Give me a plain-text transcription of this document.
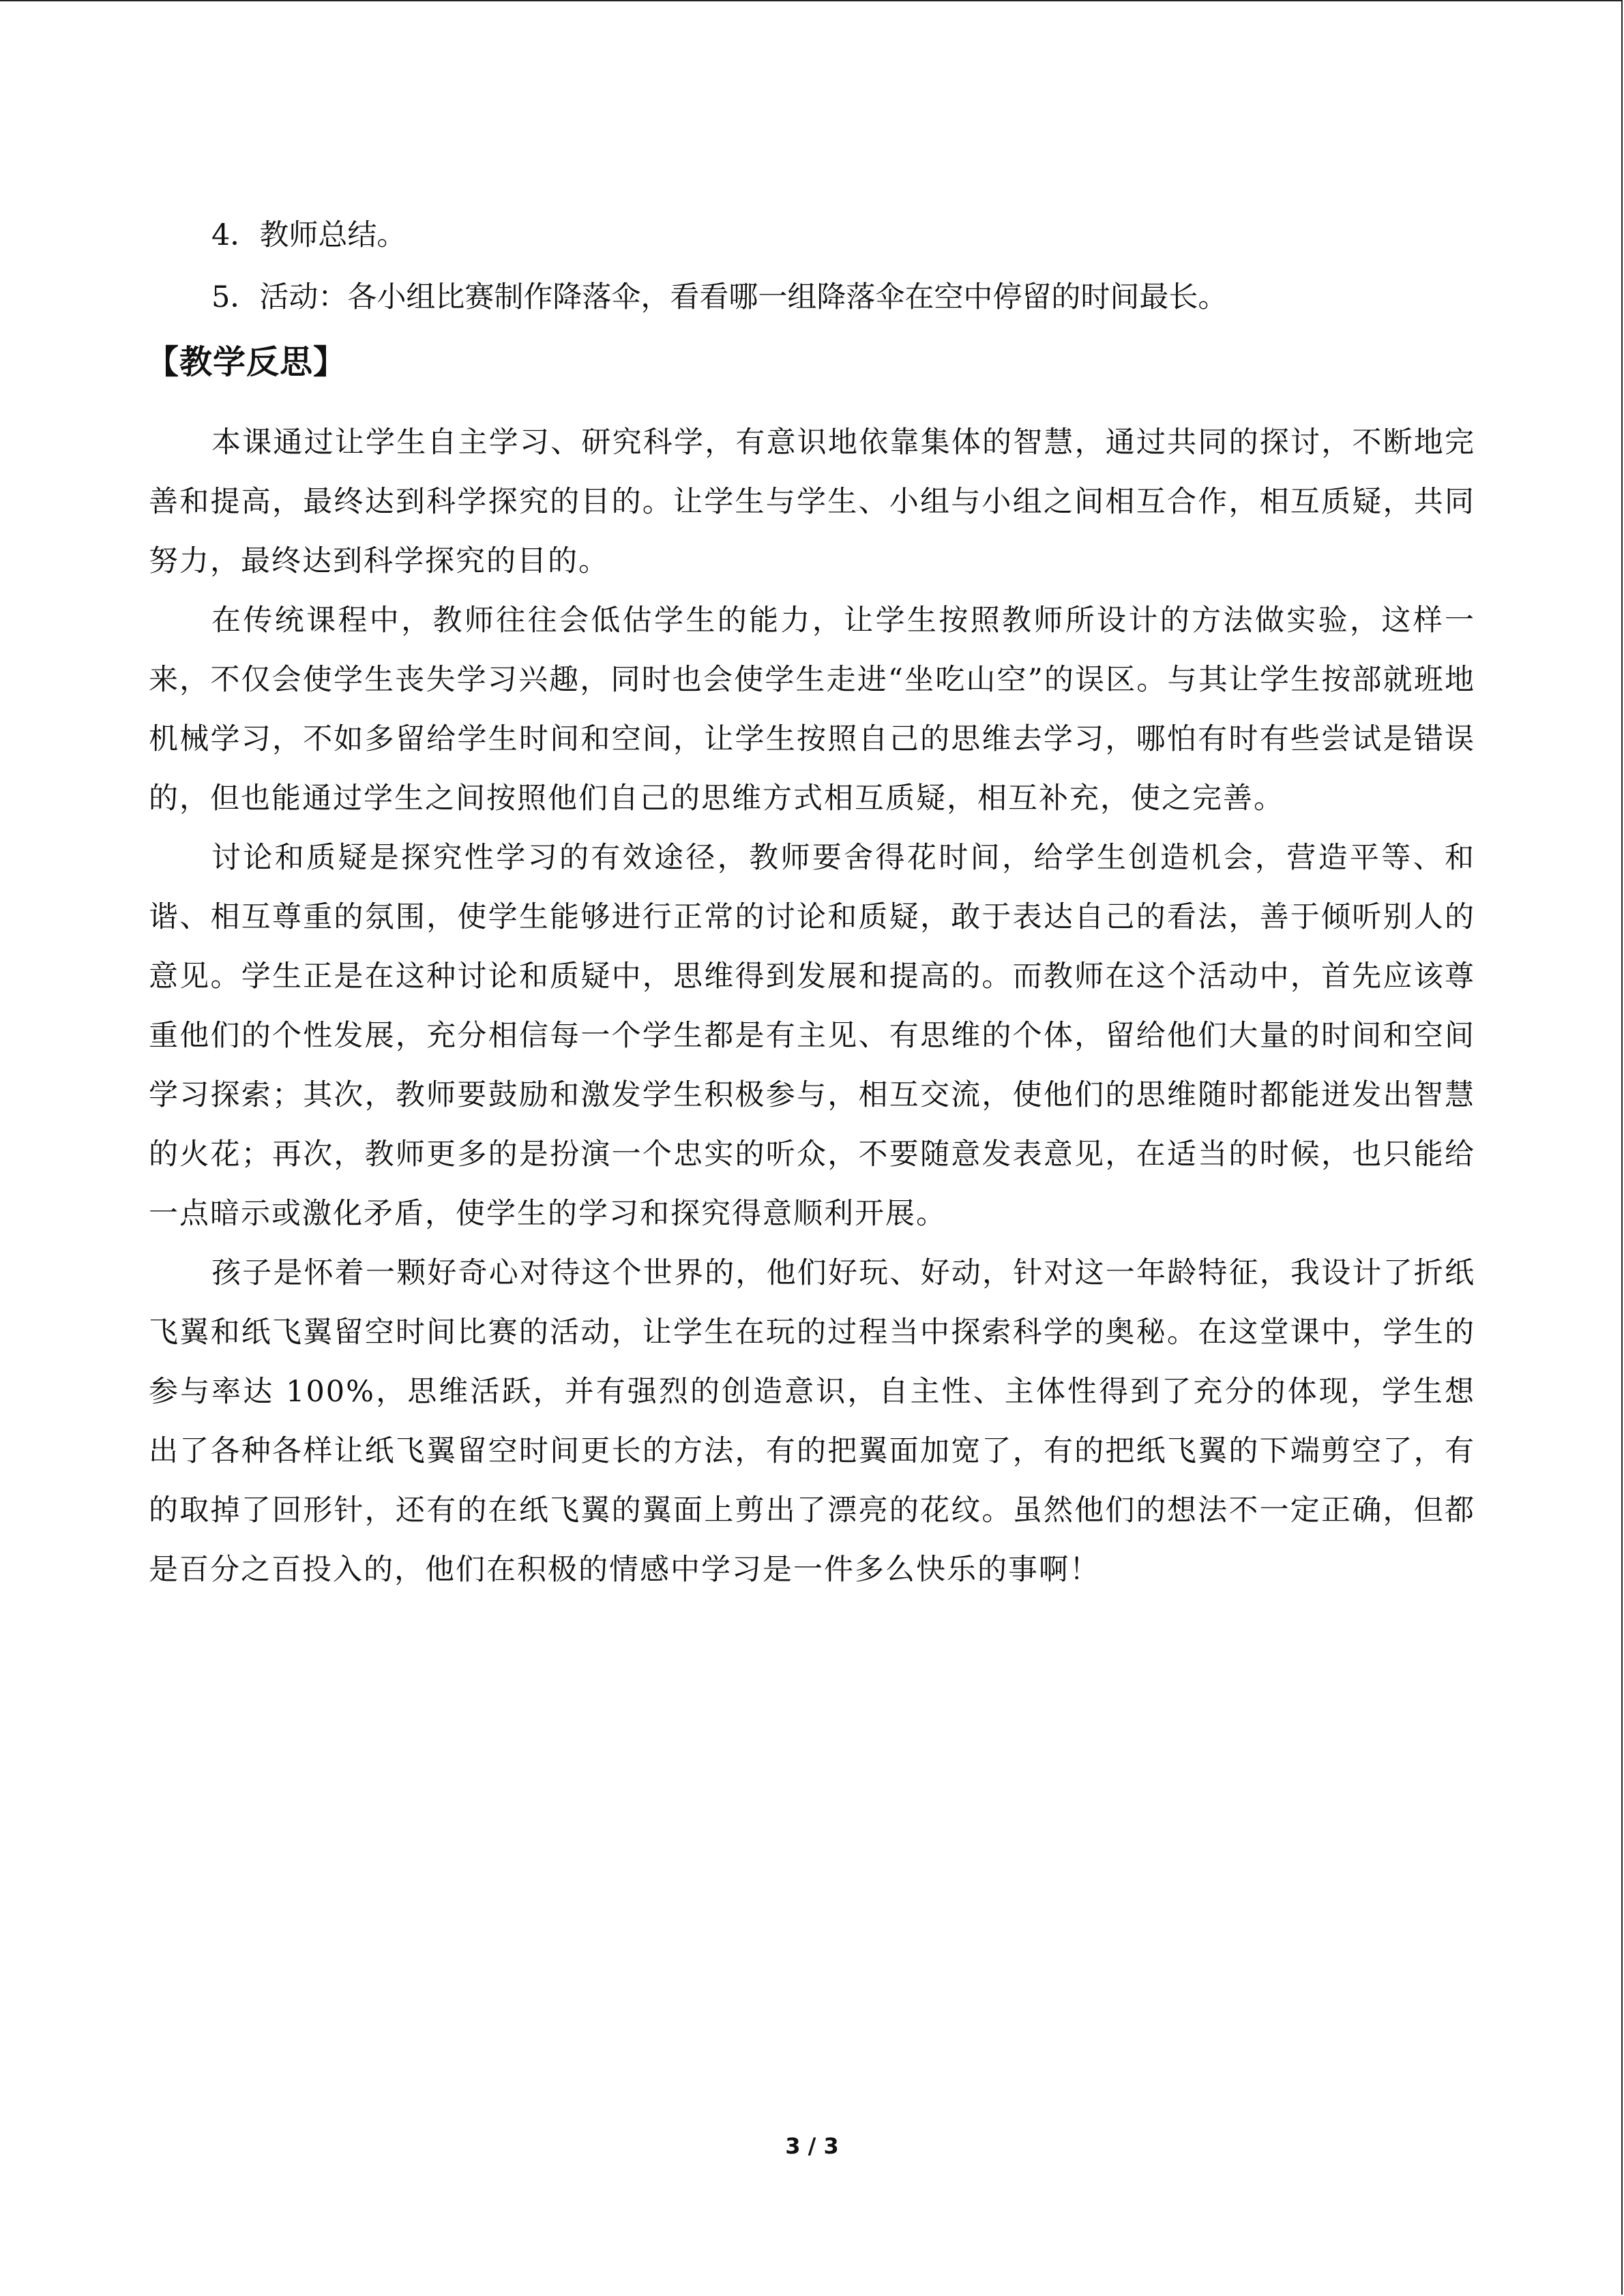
4．教师总结。

5．活动：各小组比赛制作降落伞，看看哪一组降落伞在空中停留的时间最长。

【教学反思】

本课通过让学生自主学习、研究科学，有意识地依靠集体的智慧，通过共同的探讨，不断地完善和提高，最终达到科学探究的目的。让学生与学生、小组与小组之间相互合作，相互质疑，共同努力，最终达到科学探究的目的。

在传统课程中，教师往往会低估学生的能力，让学生按照教师所设计的方法做实验，这样一来，不仅会使学生丧失学习兴趣，同时也会使学生走进“坐吃山空”的误区。与其让学生按部就班地机械学习，不如多留给学生时间和空间，让学生按照自己的思维去学习，哪怕有时有些尝试是错误的，但也能通过学生之间按照他们自己的思维方式相互质疑，相互补充，使之完善。

讨论和质疑是探究性学习的有效途径，教师要舍得花时间，给学生创造机会，营造平等、和谐、相互尊重的氛围，使学生能够进行正常的讨论和质疑，敢于表达自己的看法，善于倾听别人的意见。学生正是在这种讨论和质疑中，思维得到发展和提高的。而教师在这个活动中，首先应该尊重他们的个性发展，充分相信每一个学生都是有主见、有思维的个体，留给他们大量的时间和空间学习探索；其次，教师要鼓励和激发学生积极参与，相互交流，使他们的思维随时都能迸发出智慧的火花；再次，教师更多的是扮演一个忠实的听众，不要随意发表意见，在适当的时候，也只能给一点暗示或激化矛盾，使学生的学习和探究得意顺利开展。

孩子是怀着一颗好奇心对待这个世界的，他们好玩、好动，针对这一年龄特征，我设计了折纸飞翼和纸飞翼留空时间比赛的活动，让学生在玩的过程当中探索科学的奥秘。在这堂课中，学生的参与率达 100%，思维活跃，并有强烈的创造意识，自主性、主体性得到了充分的体现，学生想出了各种各样让纸飞翼留空时间更长的方法，有的把翼面加宽了，有的把纸飞翼的下端剪空了，有的取掉了回形针，还有的在纸飞翼的翼面上剪出了漂亮的花纹。虽然他们的想法不一定正确，但都是百分之百投入的，他们在积极的情感中学习是一件多么快乐的事啊！

3 / 3
